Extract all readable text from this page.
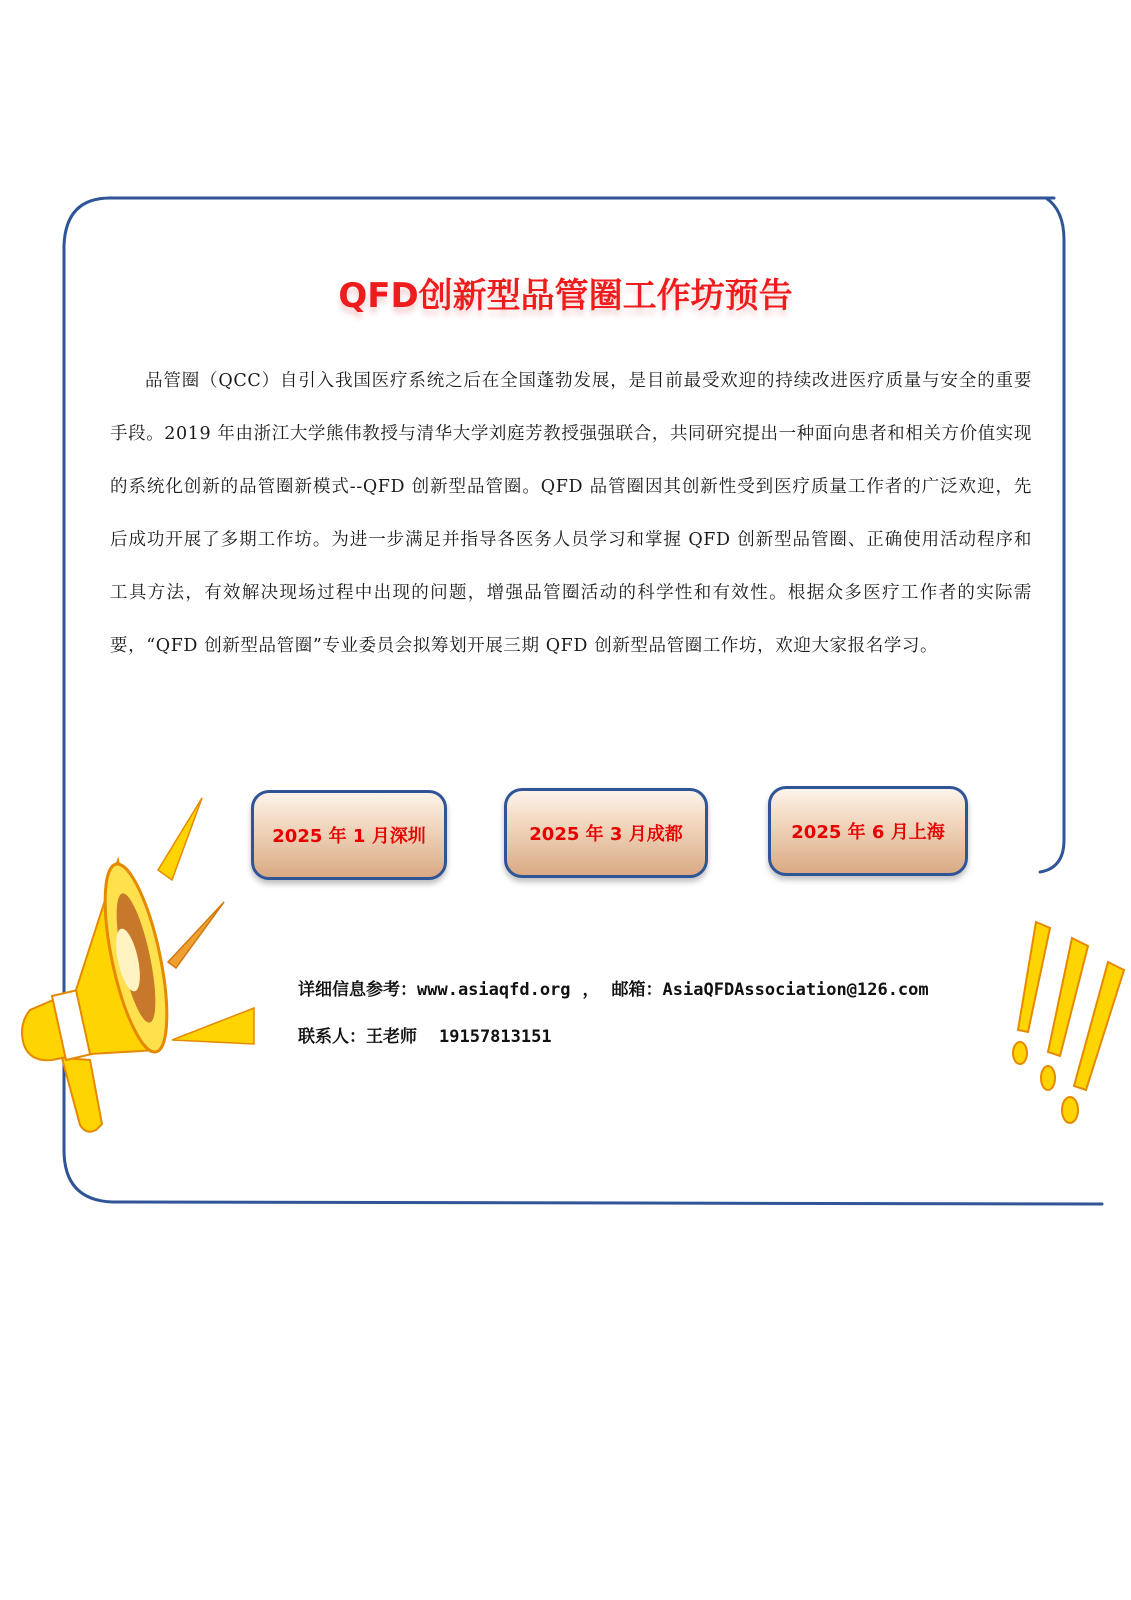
QFD创新型品管圈工作坊预告
品管圈（QCC）自引入我国医疗系统之后在全国蓬勃发展，是目前最受欢迎的持续改进医疗质量与安全的重要手段。2019 年由浙江大学熊伟教授与清华大学刘庭芳教授强强联合，共同研究提出一种面向患者和相关方价值实现的系统化创新的品管圈新模式--QFD 创新型品管圈。QFD 品管圈因其创新性受到医疗质量工作者的广泛欢迎，先后成功开展了多期工作坊。为进一步满足并指导各医务人员学习和掌握 QFD 创新型品管圈、正确使用活动程序和工具方法，有效解决现场过程中出现的问题，增强品管圈活动的科学性和有效性。根据众多医疗工作者的实际需要，“QFD 创新型品管圈”专业委员会拟筹划开展三期 QFD 创新型品管圈工作坊，欢迎大家报名学习。
2025 年 1 月深圳	2025 年 3 月成都	2025 年 6 月上海
详细信息参考：www.asiaqfd.org ， 邮箱：AsiaQFDAssociation@126.com
联系人：王老师 19157813151
